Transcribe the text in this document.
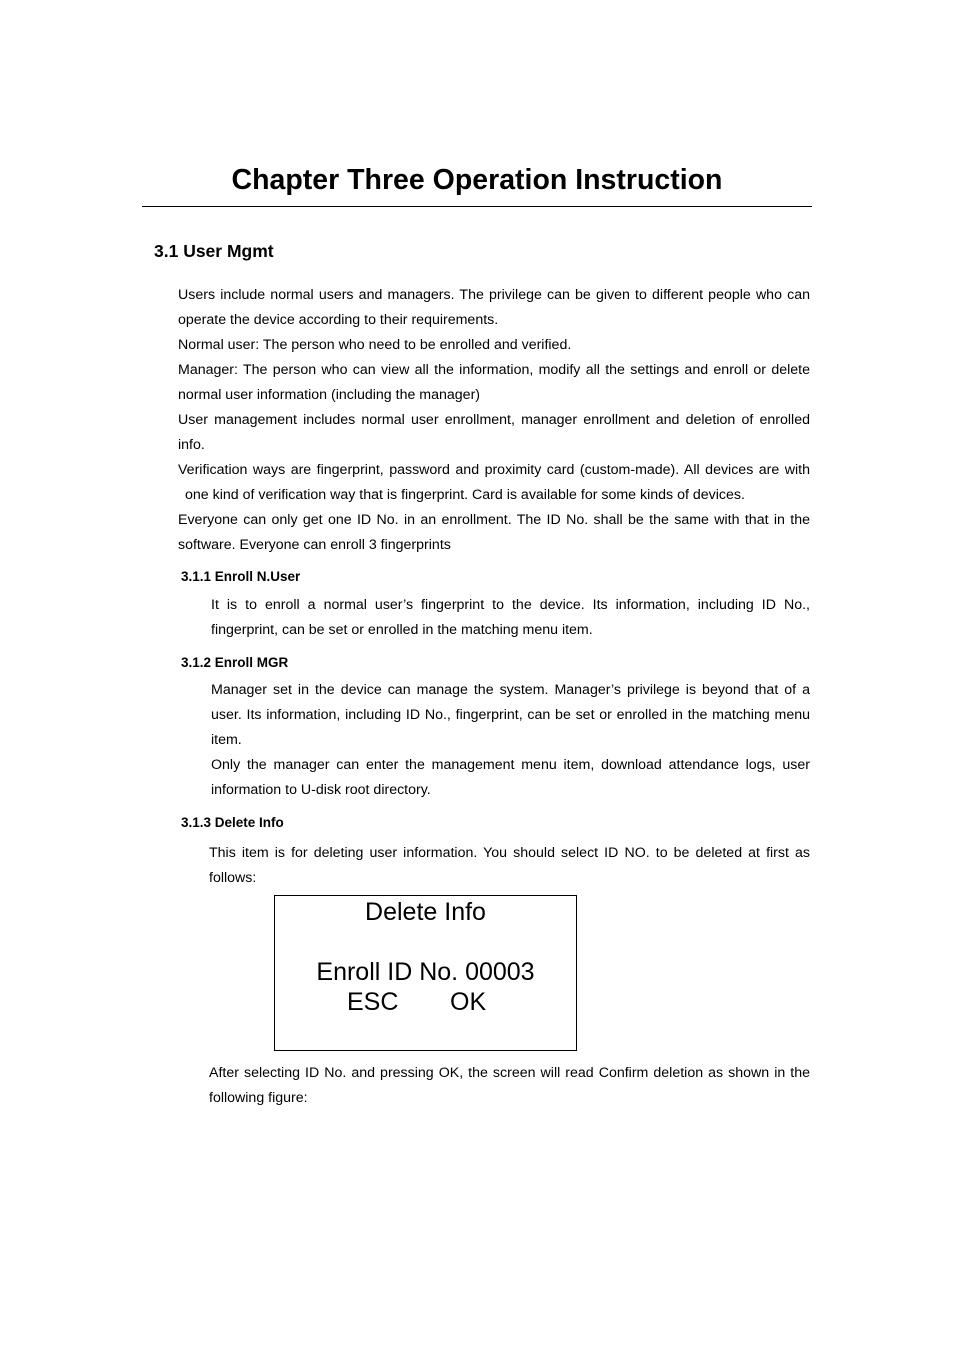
Chapter Three Operation Instruction
3.1 User Mgmt

Users include normal users and managers. The privilege can be given to different people who can operate the device according to their requirements.

Normal user: The person who need to be enrolled and verified.

Manager: The person who can view all the information, modify all the settings and enroll or delete normal user information (including the manager)

User management includes normal user enrollment, manager enrollment and deletion of enrolled info.

Verification ways are fingerprint, password and proximity card (custom-made). All devices are with

one kind of verification way that is fingerprint. Card is available for some kinds of devices.

Everyone can only get one ID No. in an enrollment. The ID No. shall be the same with that in the software. Everyone can enroll 3 fingerprints

3.1.1 Enroll N.User

It is to enroll a normal user’s fingerprint to the device. Its information, including ID No., fingerprint, can be set or enrolled in the matching menu item.

3.1.2 Enroll MGR

Manager set in the device can manage the system. Manager’s privilege is beyond that of a user. Its information, including ID No., fingerprint, can be set or enrolled in the matching menu item.

Only the manager can enter the management menu item, download attendance logs, user information to U-disk root directory.

3.1.3 Delete Info

This item is for deleting user information. You should select ID NO. to be deleted at first as follows:

Delete Info

Enroll ID No. 00003

ESC OK

After selecting ID No. and pressing OK, the screen will read Confirm deletion as shown in the following figure:
